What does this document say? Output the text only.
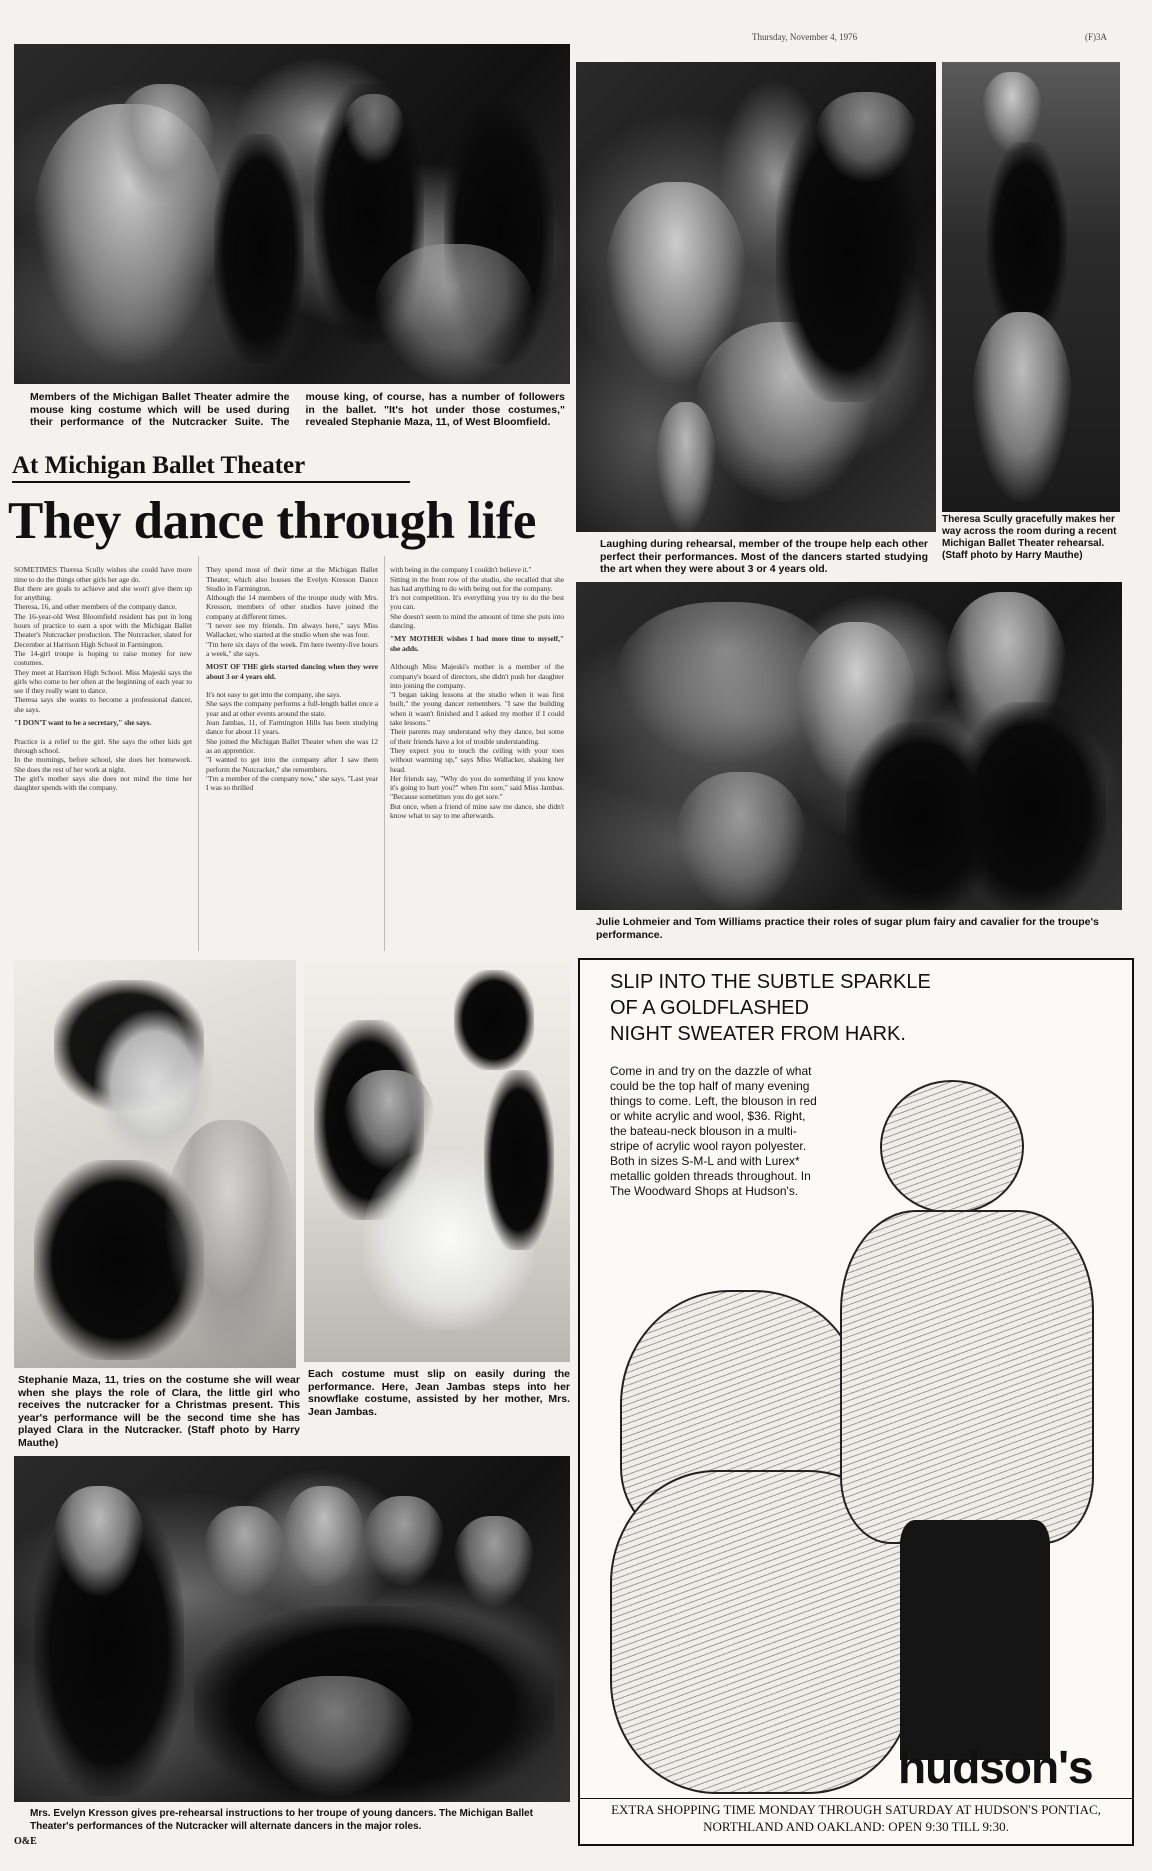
Thursday, November 4, 1976	(F)3A
Members of the Michigan Ballet Theater admire the mouse king costume which will be used during their performance of the Nutcracker Suite. The mouse king, of course, has a number of followers in the ballet. "It's hot under those costumes," revealed Stephanie Maza, 11, of West Bloomfield.
At Michigan Ballet Theater
They dance through life

SOMETIMES Theresa Scully wishes she could have more time to do the things other girls her age do.
But there are goals to achieve and she won't give them up for anything.
Theresa, 16, and other members of the company dance.
The 16-year-old West Bloomfield resident has put in long hours of practice to earn a spot with the Michigan Ballet Theater's Nutcracker production. The Nutcracker, slated for December at Harrison High School in Farmington.
The 14-girl troupe is hoping to raise money for new costumes.
They meet at Harrison High School. Miss Majeski says the girls who come to her often at the beginning of each year to see if they really want to dance.
Theresa says she wants to become a professional dancer, she says.

"I DON'T want to be a secretary," she says.

Practice is a relief to the girl. She says the other kids get through school.
In the mornings, before school, she does her homework. She does the rest of her work at night.
The girl's mother says she does not mind the time her daughter spends with the company.

They spend most of their time at the Michigan Ballet Theater, which also houses the Evelyn Kresson Dance Studio in Farmington.
Although the 14 members of the troupe study with Mrs. Kresson, members of other studios have joined the company at different times.
"I never see my friends. I'm always here," says Miss Wallacker, who started at the studio when she was four.
"I'm here six days of the week. I'm here twenty-five hours a week," she says.

MOST OF THE girls started dancing when they were about 3 or 4 years old.

It's not easy to get into the company, she says.
She says the company performs a full-length ballet once a year and at other events around the state.
Jean Jambas, 11, of Farmington Hills has been studying dance for about 11 years.
She joined the Michigan Ballet Theater when she was 12 as an apprentice.
"I wanted to get into the company after I saw them perform the Nutcracker," she remembers.
"I'm a member of the company now," she says. "Last year I was so thrilled

with being in the company I couldn't believe it."
Sitting in the front row of the studio, she recalled that she has had anything to do with being out for the company.
It's not competition. It's everything you try to do the best you can.
She doesn't seem to mind the amount of time she puts into dancing.

"MY MOTHER wishes I had more time to myself," she adds.

Although Miss Majeski's mother is a member of the company's board of directors, she didn't push her daughter into joining the company.
"I began taking lessons at the studio when it was first built," the young dancer remembers. "I saw the building when it wasn't finished and I asked my mother if I could take lessons."
Their parents may understand why they dance, but some of their friends have a lot of trouble understanding.
They expect you to touch the ceiling with your toes without warming up," says Miss Wallacker, shaking her head.
Her friends say, "Why do you do something if you know it's going to hurt you?" when I'm sore," said Miss Jambas. "Because sometimes you do get sore."
But once, when a friend of mine saw me dance, she didn't know what to say to me afterwards.

Laughing during rehearsal, member of the troupe help each other perfect their performances. Most of the dancers started studying the art when they were about 3 or 4 years old.
Theresa Scully gracefully makes her way across the room during a recent Michigan Ballet Theater rehearsal. (Staff photo by Harry Mauthe)
Julie Lohmeier and Tom Williams practice their roles of sugar plum fairy and cavalier for the troupe's performance.
Stephanie Maza, 11, tries on the costume she will wear when she plays the role of Clara, the little girl who receives the nutcracker for a Christmas present. This year's performance will be the second time she has played Clara in the Nutcracker. (Staff photo by Harry Mauthe)
Each costume must slip on easily during the performance. Here, Jean Jambas steps into her snowflake costume, assisted by her mother, Mrs. Jean Jambas.
Mrs. Evelyn Kresson gives pre-rehearsal instructions to her troupe of young dancers. The Michigan Ballet Theater's performances of the Nutcracker will alternate dancers in the major roles.
SLIP INTO THE SUBTLE SPARKLE
OF A GOLDFLASHED
NIGHT SWEATER FROM HARK.
Come in and try on the dazzle of what could be the top half of many evening things to come. Left, the blouson in red or white acrylic and wool, $36. Right, the bateau-neck blouson in a multi-stripe of acrylic wool rayon polyester. Both in sizes S-M-L and with Lurex* metallic golden threads throughout. In The Woodward Shops at Hudson's.
hudson's
EXTRA SHOPPING TIME MONDAY THROUGH SATURDAY AT HUDSON'S PONTIAC,
NORTHLAND AND OAKLAND: OPEN 9:30 TILL 9:30.
O&E
